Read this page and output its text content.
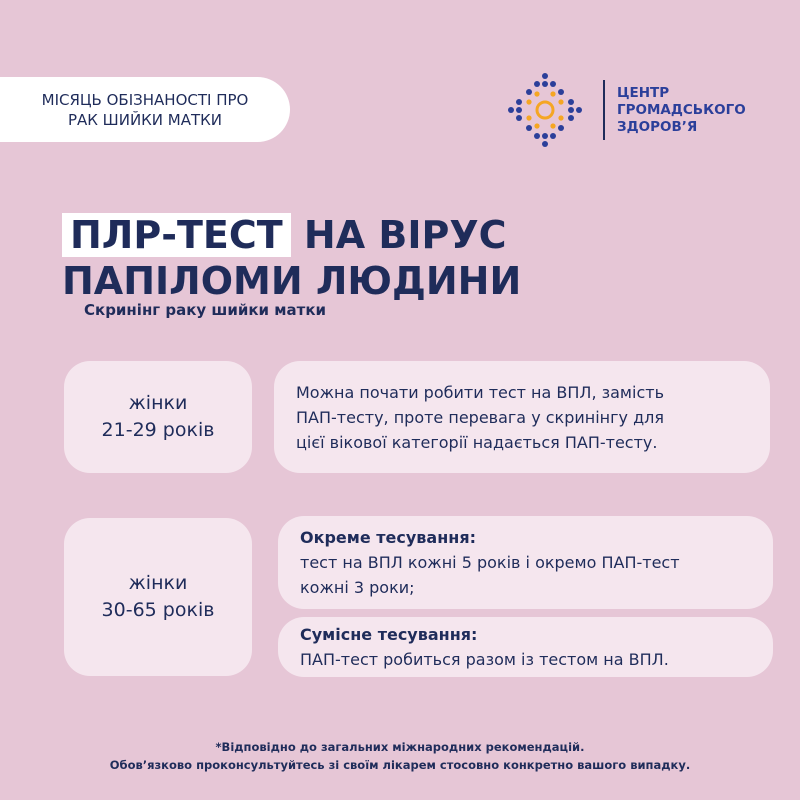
МІСЯЦЬ ОБІЗНАНОСТІ ПРО
РАК ШИЙКИ МАТКИ
ЦЕНТР
ГРОМАДСЬКОГО
ЗДОРОВ’Я
ПЛР-ТЕСТ НА ВІРУС
ПАПІЛОМИ ЛЮДИНИ
Скринінг раку шийки матки
жінки
21-29 років
Можна почати робити тест на ВПЛ, замість
ПАП-тесту, проте перевага у скринінгу для
цієї вікової категорії надається ПАП-тесту.
жінки
30-65 років
Окреме тесування:
тест на ВПЛ кожні 5 років і окремо ПАП-тест
кожні 3 роки;
Сумісне тесування:
ПАП-тест робиться разом із тестом на ВПЛ.
*Відповідно до загальних міжнародних рекомендацій.
Обов’язково проконсультуйтесь зі своїм лікарем стосовно конкретно вашого випадку.
